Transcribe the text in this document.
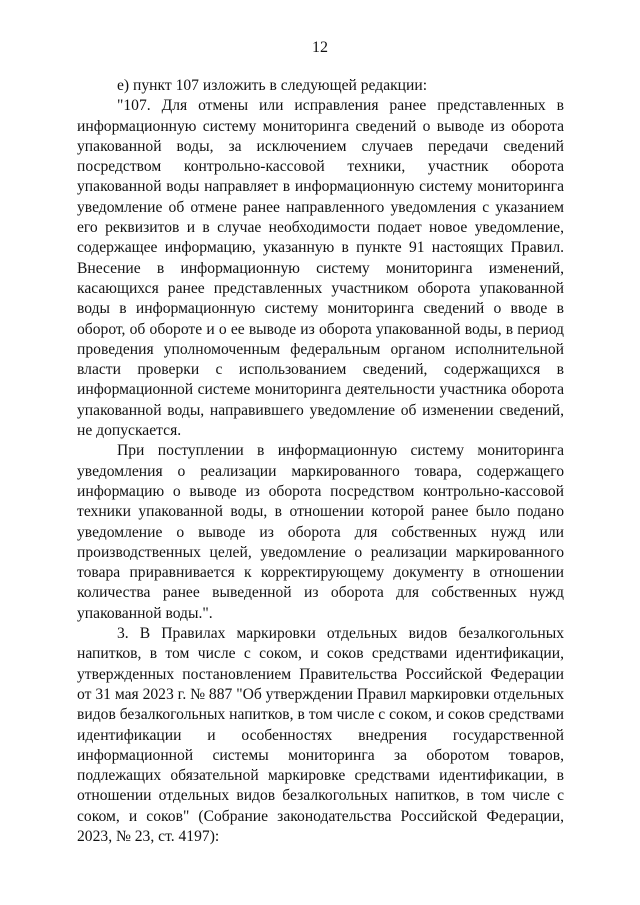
12

е) пункт 107 изложить в следующей редакции:

"107. Для отмены или исправления ранее представленных в информационную систему мониторинга сведений о выводе из оборота упакованной воды, за исключением случаев передачи сведений посредством контрольно-кассовой техники, участник оборота упакованной воды направляет в информационную систему мониторинга уведомление об отмене ранее направленного уведомления с указанием его реквизитов и в случае необходимости подает новое уведомление, содержащее информацию, указанную в пункте 91 настоящих Правил. Внесение в информационную систему мониторинга изменений, касающихся ранее представленных участником оборота упакованной воды в информационную систему мониторинга сведений о вводе в оборот, об обороте и о ее выводе из оборота упакованной воды, в период проведения уполномоченным федеральным органом исполнительной власти проверки с использованием сведений, содержащихся в информационной системе мониторинга деятельности участника оборота упакованной воды, направившего уведомление об изменении сведений, не допускается.

При поступлении в информационную систему мониторинга уведомления о реализации маркированного товара, содержащего информацию о выводе из оборота посредством контрольно-кассовой техники упакованной воды, в отношении которой ранее было подано уведомление о выводе из оборота для собственных нужд или производственных целей, уведомление о реализации маркированного товара приравнивается к корректирующему документу в отношении количества ранее выведенной из оборота для собственных нужд упакованной воды.".

3. В Правилах маркировки отдельных видов безалкогольных напитков, в том числе с соком, и соков средствами идентификации, утвержденных постановлением Правительства Российской Федерации от 31 мая 2023 г. № 887 "Об утверждении Правил маркировки отдельных видов безалкогольных напитков, в том числе с соком, и соков средствами идентификации и особенностях внедрения государственной информационной системы мониторинга за оборотом товаров, подлежащих обязательной маркировке средствами идентификации, в отношении отдельных видов безалкогольных напитков, в том числе с соком, и соков" (Собрание законодательства Российской Федерации, 2023, № 23, ст. 4197):
